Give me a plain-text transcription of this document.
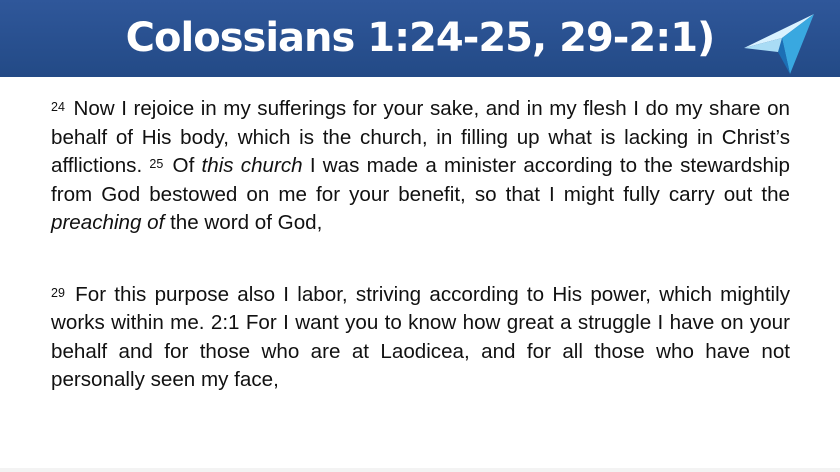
Colossians 1:24-25, 29-2:1)

$^{24}$ Now I rejoice in my sufferings for your sake, and in my flesh I do my share on behalf of His body, which is the church, in filling up what is lacking in Christ’s afflictions. $^{25}$ Of this church I was made a minister according to the stewardship from God bestowed on me for your benefit, so that I might fully carry out the preaching of the word of God,

$^{29}$ For this purpose also I labor, striving according to His power, which mightily works within me. 2:1 For I want you to know how great a struggle I have on your behalf and for those who are at Laodicea, and for all those who have not personally seen my face,
